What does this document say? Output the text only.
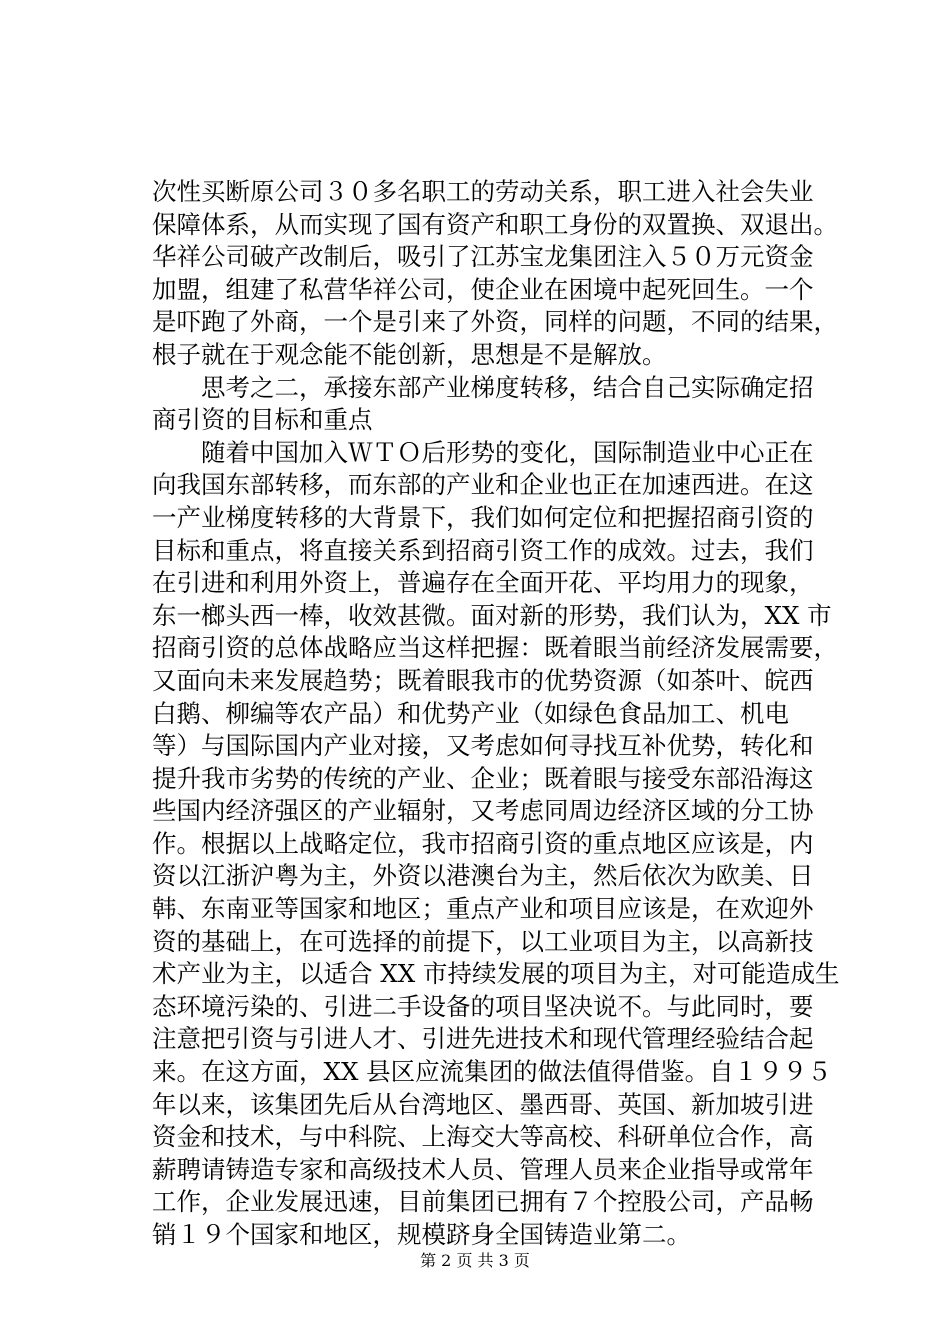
次性买断原公司３０多名职工的劳动关系，职工进入社会失业
保障体系，从而实现了国有资产和职工身份的双置换、双退出。
华祥公司破产改制后，吸引了江苏宝龙集团注入５０万元资金
加盟，组建了私营华祥公司，使企业在困境中起死回生。一个
是吓跑了外商，一个是引来了外资，同样的问题，不同的结果，
根子就在于观念能不能创新，思想是不是解放。
　　思考之二，承接东部产业梯度转移，结合自己实际确定招
商引资的目标和重点
　　随着中国加入ＷＴＯ后形势的变化，国际制造业中心正在
向我国东部转移，而东部的产业和企业也正在加速西进。在这
一产业梯度转移的大背景下，我们如何定位和把握招商引资的
目标和重点，将直接关系到招商引资工作的成效。过去，我们
在引进和利用外资上，普遍存在全面开花、平均用力的现象，
东一榔头西一棒，收效甚微。面对新的形势，我们认为，XX 市
招商引资的总体战略应当这样把握：既着眼当前经济发展需要，
又面向未来发展趋势；既着眼我市的优势资源（如茶叶、皖西
白鹅、柳编等农产品）和优势产业（如绿色食品加工、机电
等）与国际国内产业对接，又考虑如何寻找互补优势，转化和
提升我市劣势的传统的产业、企业；既着眼与接受东部沿海这
些国内经济强区的产业辐射，又考虑同周边经济区域的分工协
作。根据以上战略定位，我市招商引资的重点地区应该是，内
资以江浙沪粤为主，外资以港澳台为主，然后依次为欧美、日
韩、东南亚等国家和地区；重点产业和项目应该是，在欢迎外
资的基础上，在可选择的前提下，以工业项目为主，以高新技
术产业为主，以适合 XX 市持续发展的项目为主，对可能造成生
态环境污染的、引进二手设备的项目坚决说不。与此同时，要
注意把引资与引进人才、引进先进技术和现代管理经验结合起
来。在这方面，XX 县区应流集团的做法值得借鉴。自１９９５
年以来，该集团先后从台湾地区、墨西哥、英国、新加坡引进
资金和技术，与中科院、上海交大等高校、科研单位合作，高
薪聘请铸造专家和高级技术人员、管理人员来企业指导或常年
工作，企业发展迅速，目前集团已拥有７个控股公司，产品畅
销１９个国家和地区，规模跻身全国铸造业第二。
第 2 页 共 3 页
